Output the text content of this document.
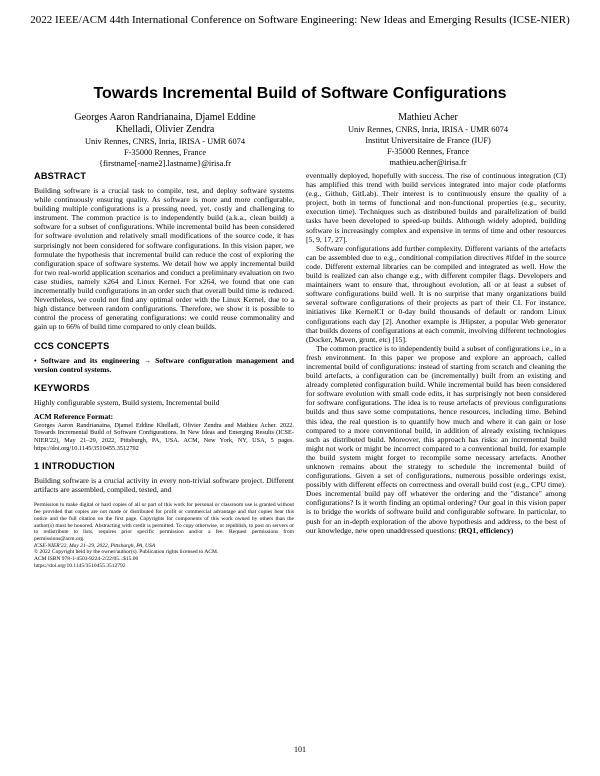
2022 IEEE/ACM 44th International Conference on Software Engineering: New Ideas and Emerging Results (ICSE-NIER)
Towards Incremental Build of Software Configurations
Georges Aaron Randrianaina, Djamel Eddine Khelladi, Olivier Zendra
Univ Rennes, CNRS, Inria, IRISA - UMR 6074
F-35000 Rennes, France
{firstname[-name2].lastname}@irisa.fr
Mathieu Acher
Univ Rennes, CNRS, Inria, IRISA - UMR 6074
Institut Universitaire de France (IUF)
F-35000 Rennes, France
mathieu.acher@irisa.fr
ABSTRACT

Building software is a crucial task to compile, test, and deploy software systems while continuously ensuring quality. As software is more and more configurable, building multiple configurations is a pressing need, yet, costly and challenging to instrument. The common practice is to independently build (a.k.a., clean build) a software for a subset of configurations. While incremental build has been considered for software evolution and relatively small modifications of the source code, it has surprisingly not been considered for software configurations. In this vision paper, we formulate the hypothesis that incremental build can reduce the cost of exploring the configuration space of software systems. We detail how we apply incremental build for two real-world application scenarios and conduct a preliminary evaluation on two case studies, namely x264 and Linux Kernel. For x264, we found that one can incrementally build configurations in an order such that overall build time is reduced. Nevertheless, we could not find any optimal order with the Linux Kernel, due to a high distance between random configurations. Therefore, we show it is possible to control the process of generating configurations: we could reuse commonality and gain up to 66% of build time compared to only clean builds.

CCS CONCEPTS

• Software and its engineering → Software configuration management and version control systems.

KEYWORDS

Highly configurable system, Build system, Incremental build

ACM Reference Format:

Georges Aaron Randrianaina, Djamel Eddine Khelladi, Olivier Zendra and Mathieu Acher. 2022. Towards Incremental Build of Software Configurations. In New Ideas and Emerging Results (ICSE-NIER'22), May 21–29, 2022, Pittsburgh, PA, USA. ACM, New York, NY, USA, 5 pages. https://doi.org/10.1145/3510455.3512792

1 INTRODUCTION

Building software is a crucial activity in every non-trivial software project. Different artifacts are assembled, compiled, tested, and

Permission to make digital or hard copies of all or part of this work for personal or classroom use is granted without fee provided that copies are not made or distributed for profit or commercial advantage and that copies bear this notice and the full citation on the first page. Copyrights for components of this work owned by others than the author(s) must be honored. Abstracting with credit is permitted. To copy otherwise, or republish, to post on servers or to redistribute to lists, requires prior specific permission and/or a fee. Request permissions from permissions@acm.org.
ICSE-NIER'22, May 21–29, 2022, Pittsburgh, PA, USA
© 2022 Copyright held by the owner/author(s). Publication rights licensed to ACM.
ACM ISBN 978-1-4503-9224-2/22/05...$15.00
https://doi.org/10.1145/3510455.3512792

eventually deployed, hopefully with success. The rise of continuous integration (CI) has amplified this trend with build services integrated into major code platforms (e.g., Github, GitLab). Their interest is to continuously ensure the quality of a project, both in terms of functional and non-functional properties (e.g., security, execution time). Techniques such as distributed builds and parallelization of build tasks have been developed to speed-up builds. Although widely adopted, building software is increasingly complex and expensive in terms of time and other resources [5, 9, 17, 27].

Software configurations add further complexity. Different variants of the artefacts can be assembled due to e.g., conditional compilation directives #ifdef in the source code. Different external libraries can be compiled and integrated as well. How the build is realized can also change e.g., with different compiler flags. Developers and maintainers want to ensure that, throughout evolution, all or at least a subset of software configurations build well. It is no surprise that many organizations build several software configurations of their projects as part of their CI. For instance, initiatives like KernelCI or 0-day build thousands of default or random Linux configurations each day [2]. Another example is JHipster, a popular Web generator that builds dozens of configurations at each commit, involving different technologies (Docker, Maven, grunt, etc) [15].

The common practice is to independently build a subset of configurations i.e., in a fresh environment. In this paper we propose and explore an approach, called incremental build of configurations: instead of starting from scratch and cleaning the build artefacts, a configuration can be (incrementally) built from an existing and already completed configuration build. While incremental build has been considered for software evolution with small code edits, it has surprisingly not been considered for software configurations. The idea is to reuse artefacts of previous configurations builds and thus save some computations, hence resources, including time. Behind this idea, the real question is to quantify how much and where it can gain or lose compared to a more conventional build, in addition of already existing techniques such as distributed build. Moreover, this approach has risks: an incremental build might not work or might be incorrect compared to a conventional build, for example the build system might forget to recompile some necessary artefacts. Another unknown remains about the strategy to schedule the incremental build of configurations. Given a set of configurations, numerous possible orderings exist, possibly with different effects on correctness and overall build cost (e.g., CPU time). Does incremental build pay off whatever the ordering and the "distance" among configurations? Is it worth finding an optimal ordering? Our goal in this vision paper is to bridge the worlds of software build and configurable software. In particular, to push for an in-depth exploration of the above hypothesis and address, to the best of our knowledge, new open unaddressed questions: (RQ1, efficiency)

101
